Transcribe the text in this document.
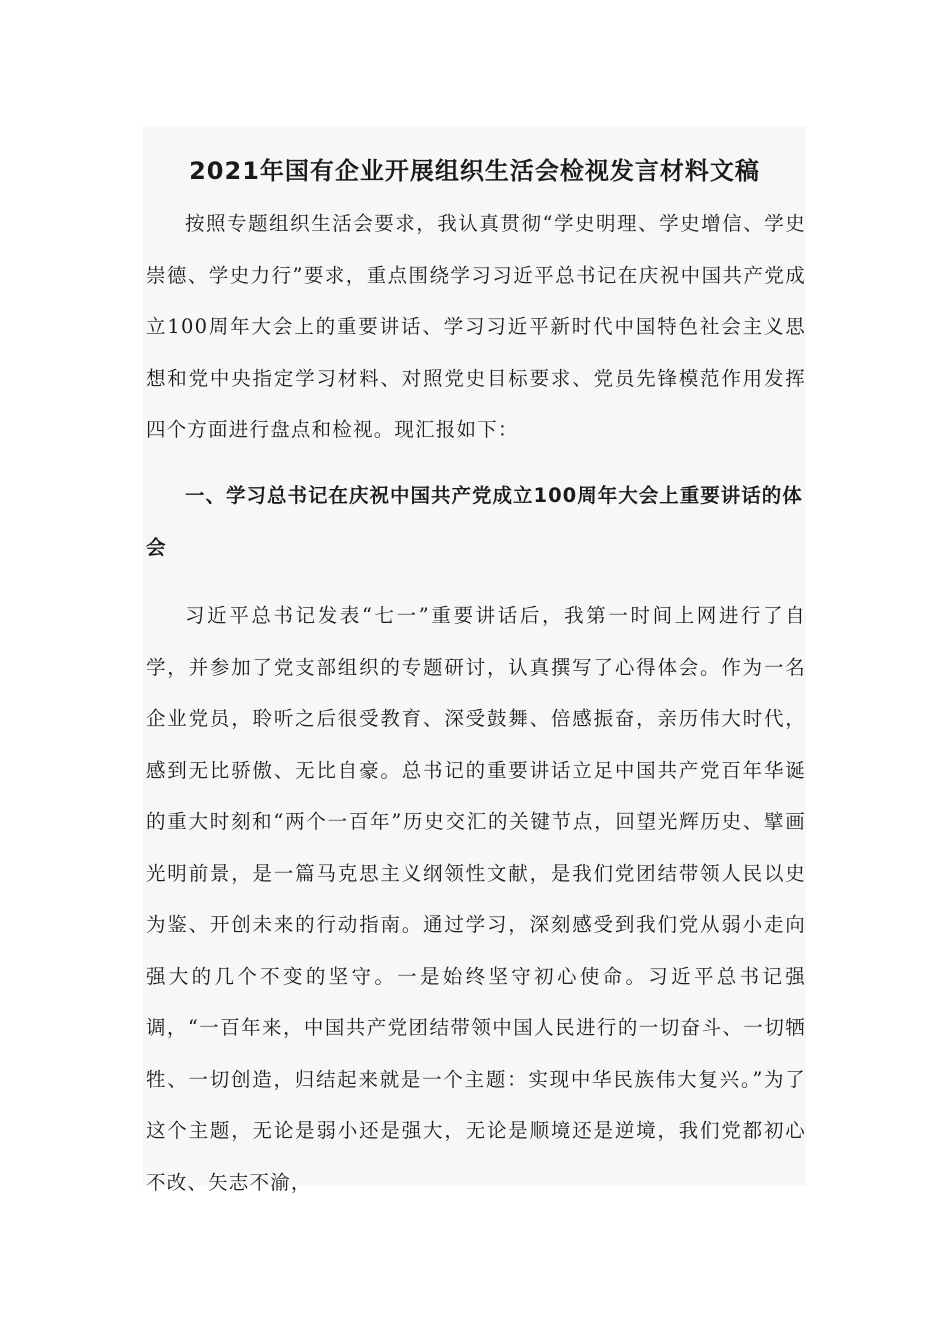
2021年国有企业开展组织生活会检视发言材料文稿

按照专题组织生活会要求，我认真贯彻“学史明理、学史增信、学史崇德、学史力行”要求，重点围绕学习习近平总书记在庆祝中国共产党成立100周年大会上的重要讲话、学习习近平新时代中国特色社会主义思想和党中央指定学习材料、对照党史目标要求、党员先锋模范作用发挥四个方面进行盘点和检视。现汇报如下：

一、学习总书记在庆祝中国共产党成立100周年大会上重要讲话的体会

习近平总书记发表“七一”重要讲话后，我第一时间上网进行了自学，并参加了党支部组织的专题研讨，认真撰写了心得体会。作为一名企业党员，聆听之后很受教育、深受鼓舞、倍感振奋，亲历伟大时代，感到无比骄傲、无比自豪。总书记的重要讲话立足中国共产党百年华诞的重大时刻和“两个一百年”历史交汇的关键节点，回望光辉历史、擘画光明前景，是一篇马克思主义纲领性文献，是我们党团结带领人民以史为鉴、开创未来的行动指南。通过学习，深刻感受到我们党从弱小走向强大的几个不变的坚守。一是始终坚守初心使命。习近平总书记强调，“一百年来，中国共产党团结带领中国人民进行的一切奋斗、一切牺牲、一切创造，归结起来就是一个主题：实现中华民族伟大复兴。”为了这个主题，无论是弱小还是强大，无论是顺境还是逆境，我们党都初心不改、矢志不渝，
